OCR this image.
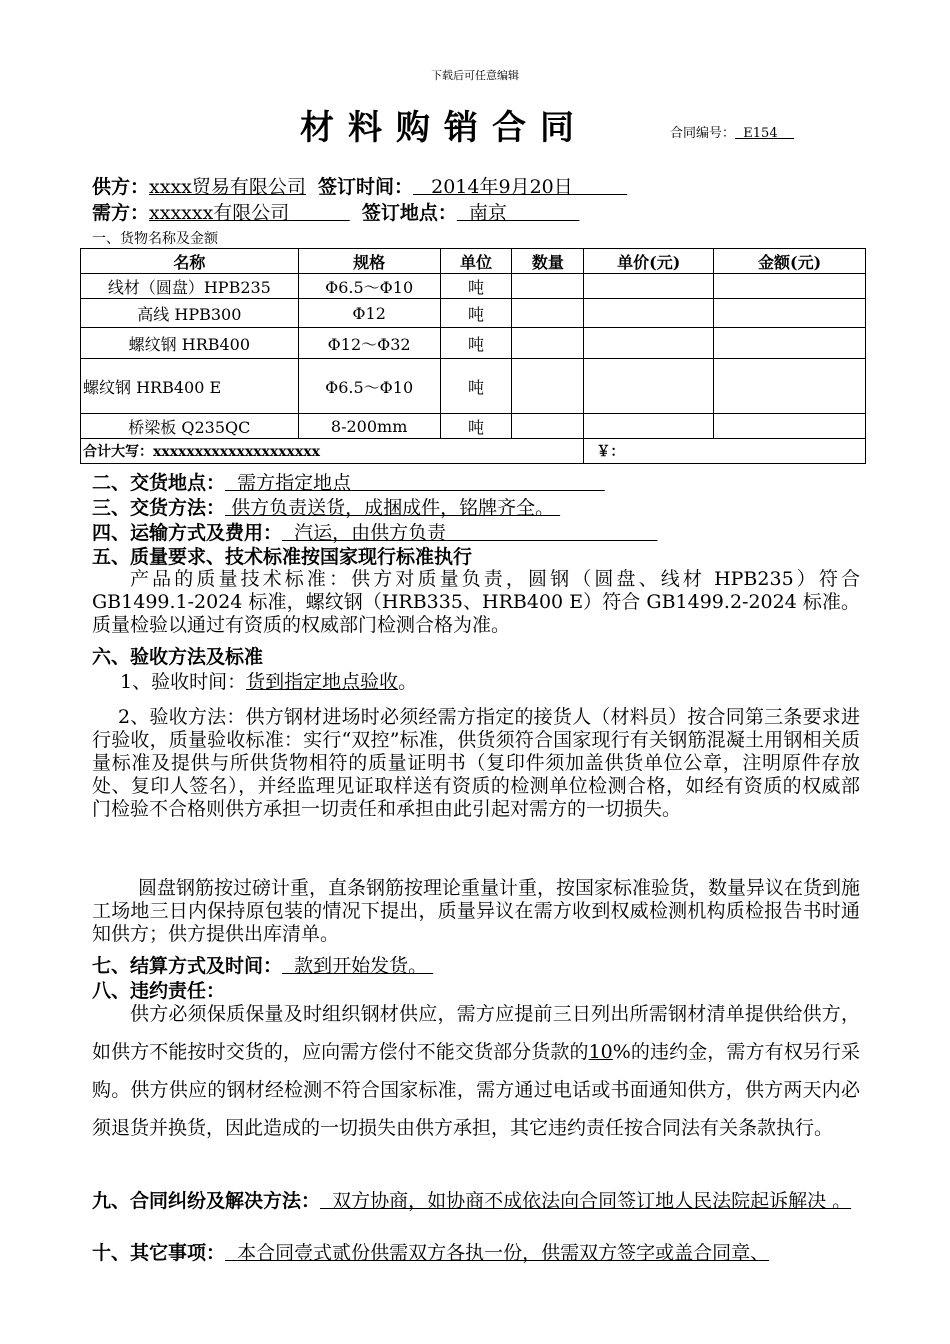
下载后可任意编辑
材料购销合同	合同编号： E154
供方：xxxx贸易有限公司 签订时间： 2014年9月20日
需方：xxxxxx有限公司	签订地点： 南京
一、货物名称及金额
名称	规格	单位	数量	单价(元)	金额(元)
线材（圆盘）HPB235	Φ6.5～Φ10	吨			
高线 HPB300	Φ12	吨			
螺纹钢 HRB400	Φ12～Φ32	吨			
螺纹钢 HRB400 E	Φ6.5～Φ10	吨			
桥梁板 Q235QC	8-200mm	吨			
合计大写：xxxxxxxxxxxxxxxxxxxx				￥：	
二、交货地点： 需方指定地点
三、交货方法： 供方负责送货，成捆成件，铭牌齐全。
四、运输方式及费用： 汽运，由供方负责
五、质量要求、技术标准按国家现行标准执行
产品的质量技术标准：供方对质量负责，圆钢（圆盘、线材 HPB235）符合 GB1499.1-2024 标准，螺纹钢（HRB335、HRB400 E）符合 GB1499.2-2024 标准。质量检验以通过有资质的权威部门检测合格为准。
六、验收方法及标准
1、验收时间：货到指定地点验收。
2、验收方法：供方钢材进场时必须经需方指定的接货人（材料员）按合同第三条要求进行验收，质量验收标准：实行“双控”标准，供货须符合国家现行有关钢筋混凝土用钢相关质量标准及提供与所供货物相符的质量证明书（复印件须加盖供货单位公章，注明原件存放处、复印人签名），并经监理见证取样送有资质的检测单位检测合格，如经有资质的权威部门检验不合格则供方承担一切责任和承担由此引起对需方的一切损失。
圆盘钢筋按过磅计重，直条钢筋按理论重量计重，按国家标准验货，数量异议在货到施工场地三日内保持原包装的情况下提出，质量异议在需方收到权威检测机构质检报告书时通知供方；供方提供出库清单。
七、结算方式及时间： 款到开始发货。
八、违约责任：
供方必须保质保量及时组织钢材供应，需方应提前三日列出所需钢材清单提供给供方，如供方不能按时交货的，应向需方偿付不能交货部分货款的10%的违约金，需方有权另行采购。供方供应的钢材经检测不符合国家标准，需方通过电话或书面通知供方，供方两天内必须退货并换货，因此造成的一切损失由供方承担，其它违约责任按合同法有关条款执行。
九、合同纠纷及解决方法： 双方协商，如协商不成依法向合同签订地人民法院起诉解决 。
十、其它事项： 本合同壹式贰份供需双方各执一份，供需双方签字或盖合同章、
